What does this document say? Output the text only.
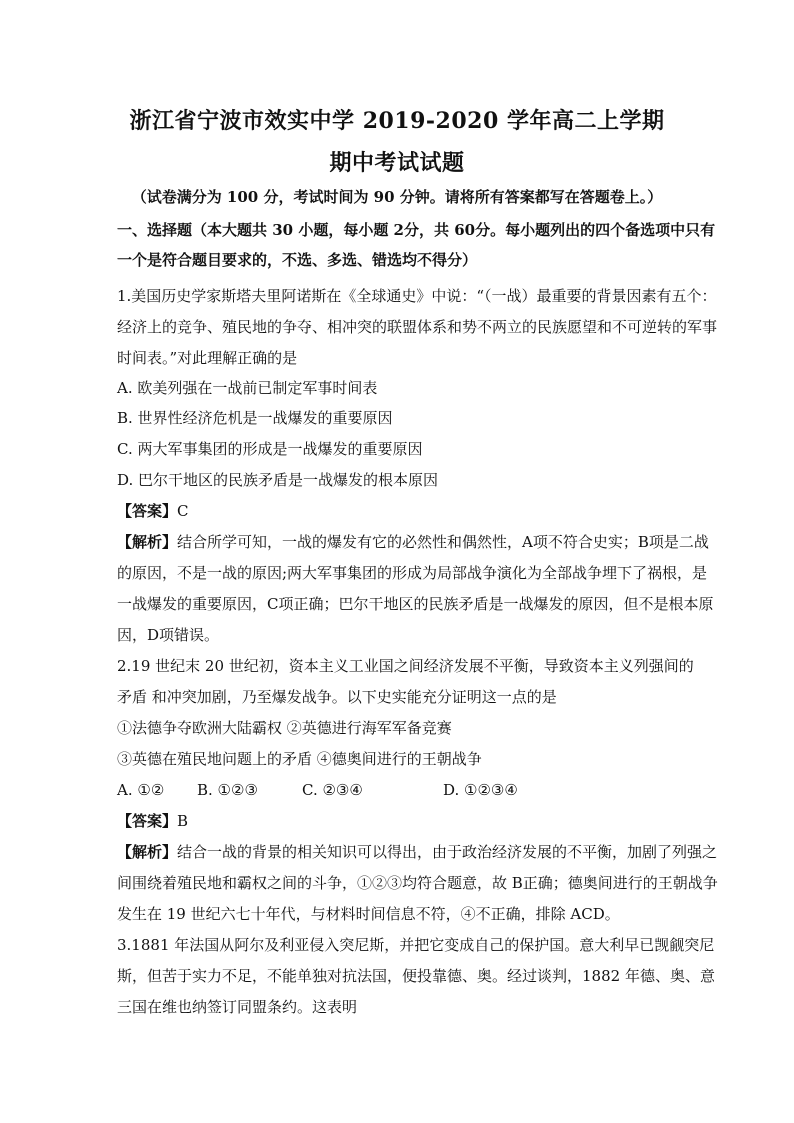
浙江省宁波市效实中学 2019-2020 学年高二上学期
期中考试试题
（试卷满分为 100 分，考试时间为 90 分钟。请将所有答案都写在答题卷上。）
一、选择题（本大题共 30 小题，每小题 2分，共 60分。每小题列出的四个备选项中只有
一个是符合题目要求的，不选、多选、错选均不得分）
1.美国历史学家斯塔夫里阿诺斯在《全球通史》中说：“（一战）最重要的背景因素有五个：
经济上的竞争、殖民地的争夺、相冲突的联盟体系和势不两立的民族愿望和不可逆转的军事
时间表。”对此理解正确的是
A. 欧美列强在一战前已制定军事时间表
B. 世界性经济危机是一战爆发的重要原因
C. 两大军事集团的形成是一战爆发的重要原因
D. 巴尔干地区的民族矛盾是一战爆发的根本原因
【答案】C
【解析】结合所学可知，一战的爆发有它的必然性和偶然性，A项不符合史实；B项是二战
的原因，不是一战的原因;两大军事集团的形成为局部战争演化为全部战争埋下了祸根，是
一战爆发的重要原因，C项正确；巴尔干地区的民族矛盾是一战爆发的原因，但不是根本原
因，D项错误。
2.19 世纪末 20 世纪初，资本主义工业国之间经济发展不平衡，导致资本主义列强间的
矛盾 和冲突加剧，乃至爆发战争。以下史实能充分证明这一点的是
①法德争夺欧洲大陆霸权 ②英德进行海军军备竞赛
③英德在殖民地问题上的矛盾 ④德奥间进行的王朝战争
A. ①② B. ①②③	C. ②③④	D. ①②③④
【答案】B
【解析】结合一战的背景的相关知识可以得出，由于政治经济发展的不平衡，加剧了列强之
间围绕着殖民地和霸权之间的斗争，①②③均符合题意，故 B正确；德奥间进行的王朝战争
发生在 19 世纪六七十年代，与材料时间信息不符，④不正确，排除 ACD。
3.1881 年法国从阿尔及利亚侵入突尼斯，并把它变成自己的保护国。意大利早已觊觎突尼
斯，但苦于实力不足，不能单独对抗法国，便投靠德、奥。经过谈判，1882 年德、奥、意
三国在维也纳签订同盟条约。这表明
